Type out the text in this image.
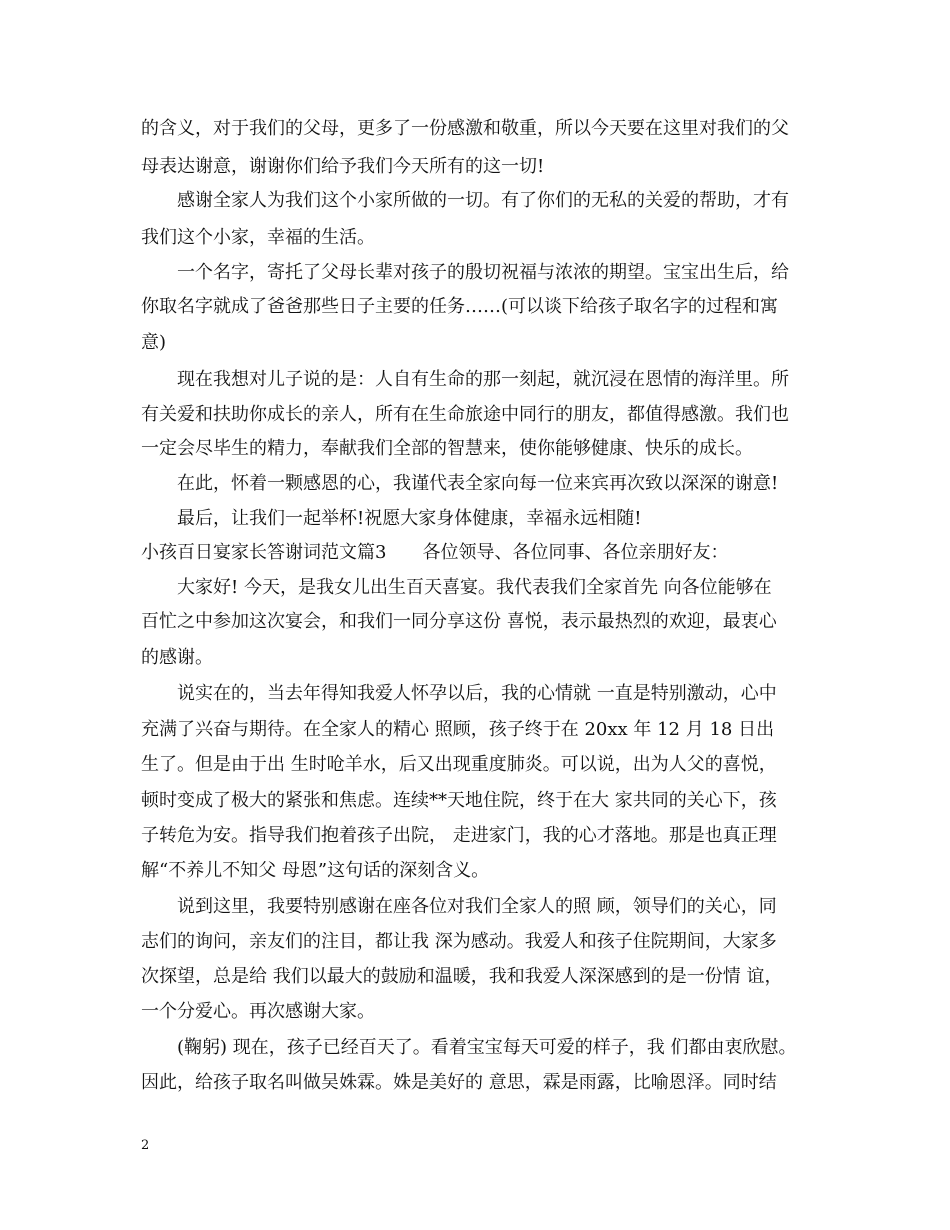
的含义，对于我们的父母，更多了一份感激和敬重，所以今天要在这里对我们的父
母表达谢意，谢谢你们给予我们今天所有的这一切!
感谢全家人为我们这个小家所做的一切。有了你们的无私的关爱的帮助，才有
我们这个小家，幸福的生活。
一个名字，寄托了父母长辈对孩子的殷切祝福与浓浓的期望。宝宝出生后，给
你取名字就成了爸爸那些日子主要的任务……(可以谈下给孩子取名字的过程和寓
意)
现在我想对儿子说的是：人自有生命的那一刻起，就沉浸在恩情的海洋里。所
有关爱和扶助你成长的亲人，所有在生命旅途中同行的朋友，都值得感激。我们也
一定会尽毕生的精力，奉献我们全部的智慧来，使你能够健康、快乐的成长。
在此，怀着一颗感恩的心，我谨代表全家向每一位来宾再次致以深深的谢意!
最后，让我们一起举杯!祝愿大家身体健康，幸福永远相随!
小孩百日宴家长答谢词范文篇3　　各位领导、各位同事、各位亲朋好友：
大家好! 今天，是我女儿出生百天喜宴。我代表我们全家首先 向各位能够在
百忙之中参加这次宴会，和我们一同分享这份 喜悦，表示最热烈的欢迎，最衷心
的感谢。
说实在的，当去年得知我爱人怀孕以后，我的心情就 一直是特别激动，心中
充满了兴奋与期待。在全家人的精心 照顾，孩子终于在 20xx 年 12 月 18 日出
生了。但是由于出 生时呛羊水，后又出现重度肺炎。可以说，出为人父的喜悦，
顿时变成了极大的紧张和焦虑。连续**天地住院，终于在大 家共同的关心下，孩
子转危为安。指导我们抱着孩子出院， 走进家门，我的心才落地。那是也真正理
解“不养儿不知父 母恩”这句话的深刻含义。
说到这里，我要特别感谢在座各位对我们全家人的照 顾，领导们的关心，同
志们的询问，亲友们的注目，都让我 深为感动。我爱人和孩子住院期间，大家多
次探望，总是给 我们以最大的鼓励和温暖，我和我爱人深深感到的是一份情 谊，
一个分爱心。再次感谢大家。
(鞠躬) 现在，孩子已经百天了。看着宝宝每天可爱的样子，我 们都由衷欣慰。
因此，给孩子取名叫做吴姝霖。姝是美好的 意思，霖是雨露，比喻恩泽。同时结
2
